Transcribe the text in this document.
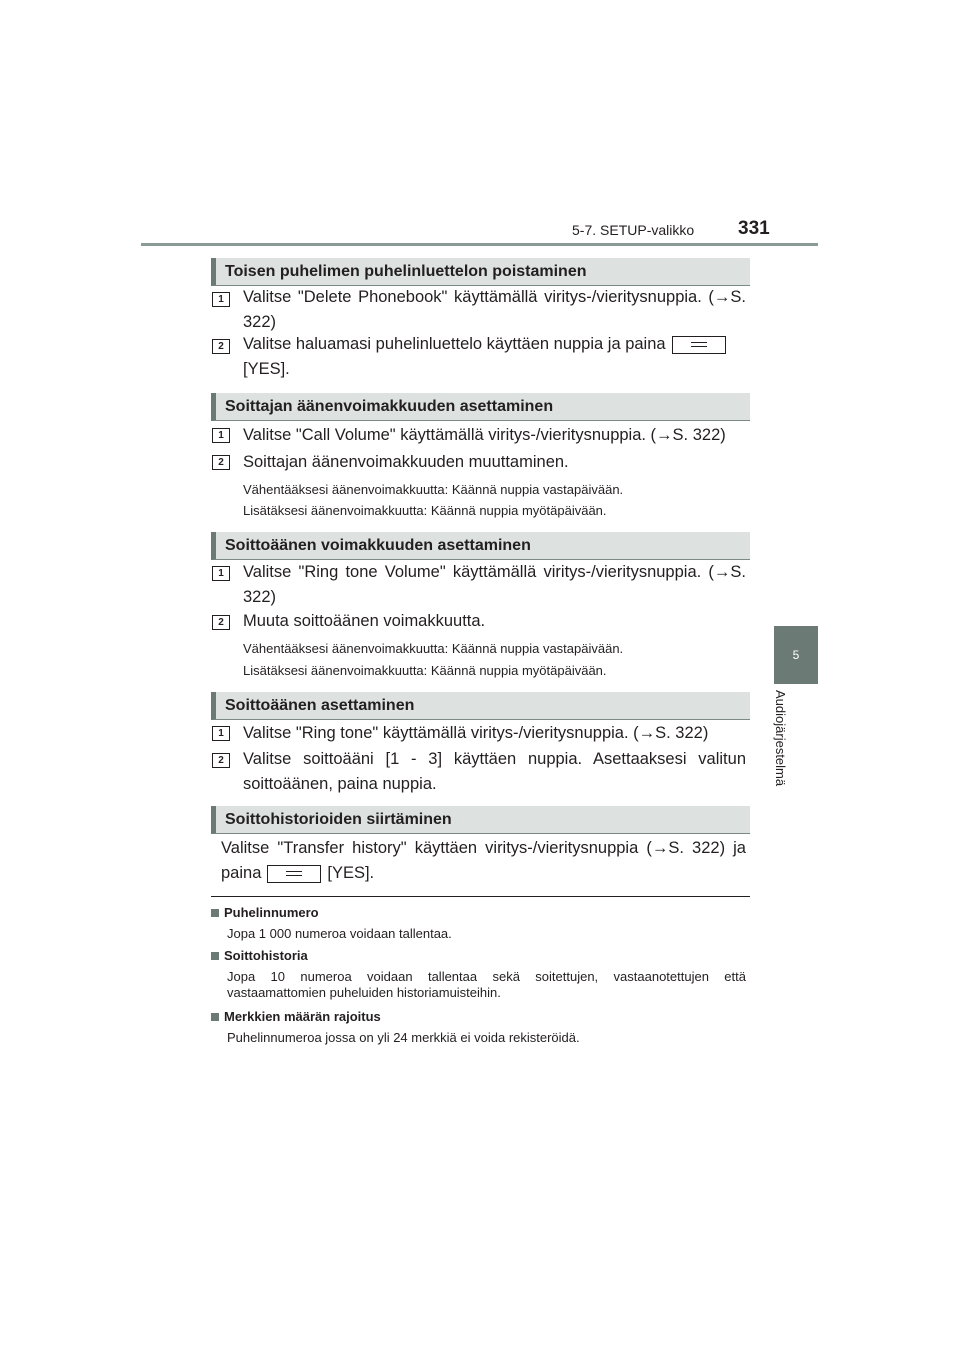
5-7. SETUP-valikko 331
5
Audiojärjestelmä
Toisen puhelimen puhelinluettelon poistaminen
1	Valitse "Delete Phonebook" käyttämällä viritys-/vieritysnuppia. (→S. 322)
2	Valitse haluamasi puhelinluettelo käyttäen nuppia ja paina

[YES].
Soittajan äänenvoimakkuuden asettaminen
1	Valitse "Call Volume" käyttämällä viritys-/vieritysnuppia. (→S. 322)
2	Soittajan äänenvoimakkuuden muuttaminen.
Vähentääksesi äänenvoimakkuutta: Käännä nuppia vastapäivään.
Lisätäksesi äänenvoimakkuutta: Käännä nuppia myötäpäivään.
Soittoäänen voimakkuuden asettaminen
1	Valitse "Ring tone Volume" käyttämällä viritys-/vieritysnuppia. (→S. 322)
2	Muuta soittoäänen voimakkuutta.
Vähentääksesi äänenvoimakkuutta: Käännä nuppia vastapäivään.
Lisätäksesi äänenvoimakkuutta: Käännä nuppia myötäpäivään.
Soittoäänen asettaminen
1	Valitse "Ring tone" käyttämällä viritys-/vieritysnuppia. (→S. 322)
2	Valitse soittoääni [1 - 3] käyttäen nuppia. Asettaaksesi valitun soittoäänen, paina nuppia.
Soittohistorioiden siirtäminen
Valitse "Transfer history" käyttäen viritys-/vieritysnuppia (→S. 322) ja paina	[YES].
Puhelinnumero
Jopa 1 000 numeroa voidaan tallentaa.
Soittohistoria
Jopa 10 numeroa voidaan tallentaa sekä soitettujen, vastaanotettujen että vastaamattomien puheluiden historiamuisteihin.
Merkkien määrän rajoitus
Puhelinnumeroa jossa on yli 24 merkkiä ei voida rekisteröidä.
